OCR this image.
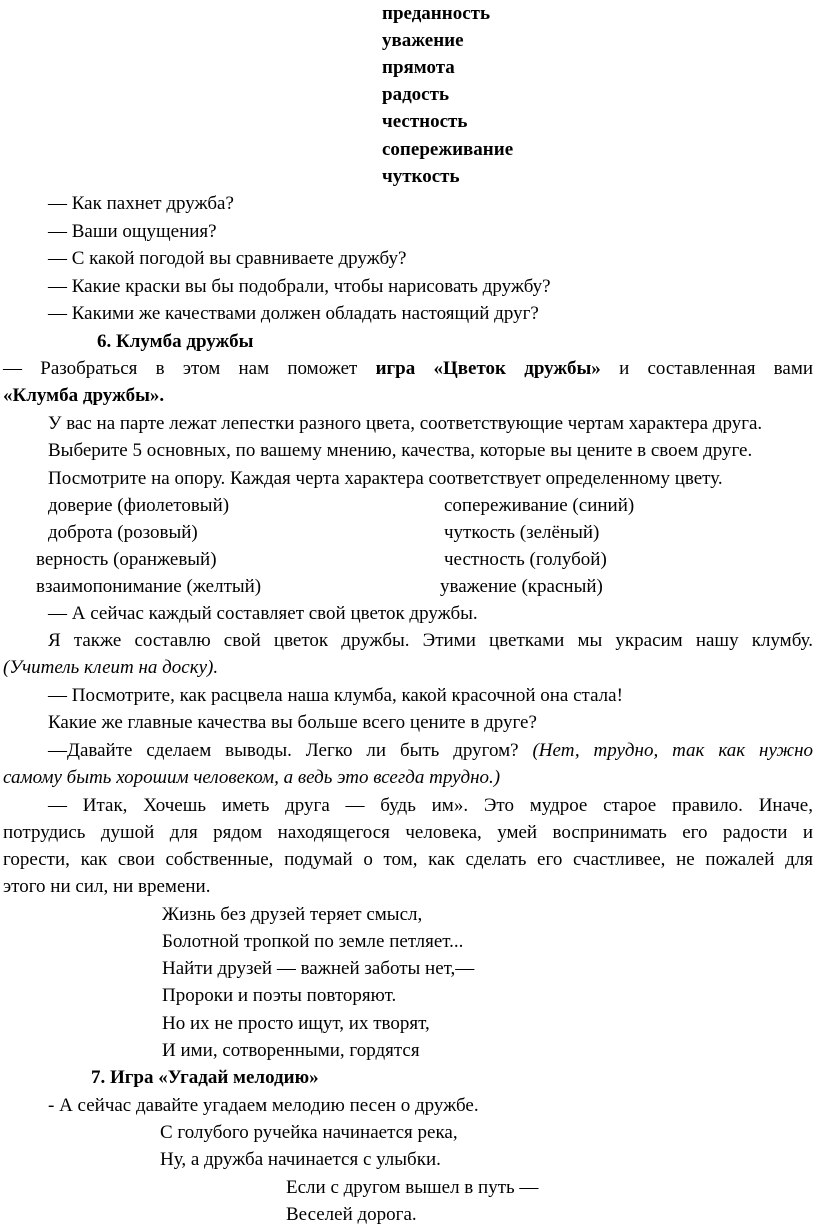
преданность
уважение
прямота
радость
честность
сопереживание
чуткость
— Как пахнет дружба?
— Ваши ощущения?
— С какой погодой вы сравниваете дружбу?
— Какие краски вы бы подобрали, чтобы нарисовать дружбу?
— Какими же качествами должен обладать настоящий друг?
6. Клумба дружбы
— Разобраться в этом нам поможет игра «Цветок дружбы» и составленная вами
«Клумба дружбы».
У вас на парте лежат лепестки разного цвета, соответствующие чертам характера друга.
Выберите 5 основных, по вашему мнению, качества, которые вы цените в своем друге.
Посмотрите на опору. Каждая черта характера соответствует определенному цвету.
доверие (фиолетовый)	сопереживание (синий)
доброта (розовый)	чуткость (зелёный)
верность (оранжевый)	честность (голубой)
взаимопонимание (желтый)	уважение (красный)
— А сейчас каждый составляет свой цветок дружбы.
Я также составлю свой цветок дружбы. Этими цветками мы украсим нашу клумбу.
(Учитель клеит на доску).
— Посмотрите, как расцвела наша клумба, какой красочной она стала!
Какие же главные качества вы больше всего цените в друге?
—Давайте сделаем выводы. Легко ли быть другом? (Нет, трудно, так как нужно
самому быть хорошим человеком, а ведь это всегда трудно.)
— Итак, Хочешь иметь друга — будь им». Это мудрое старое правило. Иначе,
потрудись душой для рядом находящегося человека, умей воспринимать его радости и
горести, как свои собственные, подумай о том, как сделать его счастливее, не пожалей для
этого ни сил, ни времени.
Жизнь без друзей теряет смысл,
Болотной тропкой по земле петляет...
Найти друзей — важней заботы нет,—
Пророки и поэты повторяют.
Но их не просто ищут, их творят,
И ими, сотворенными, гордятся
7. Игра «Угадай мелодию»
- А сейчас давайте угадаем мелодию песен о дружбе.
С голубого ручейка начинается река,
Ну, а дружба начинается с улыбки.
Если с другом вышел в путь —
Веселей дорога.
